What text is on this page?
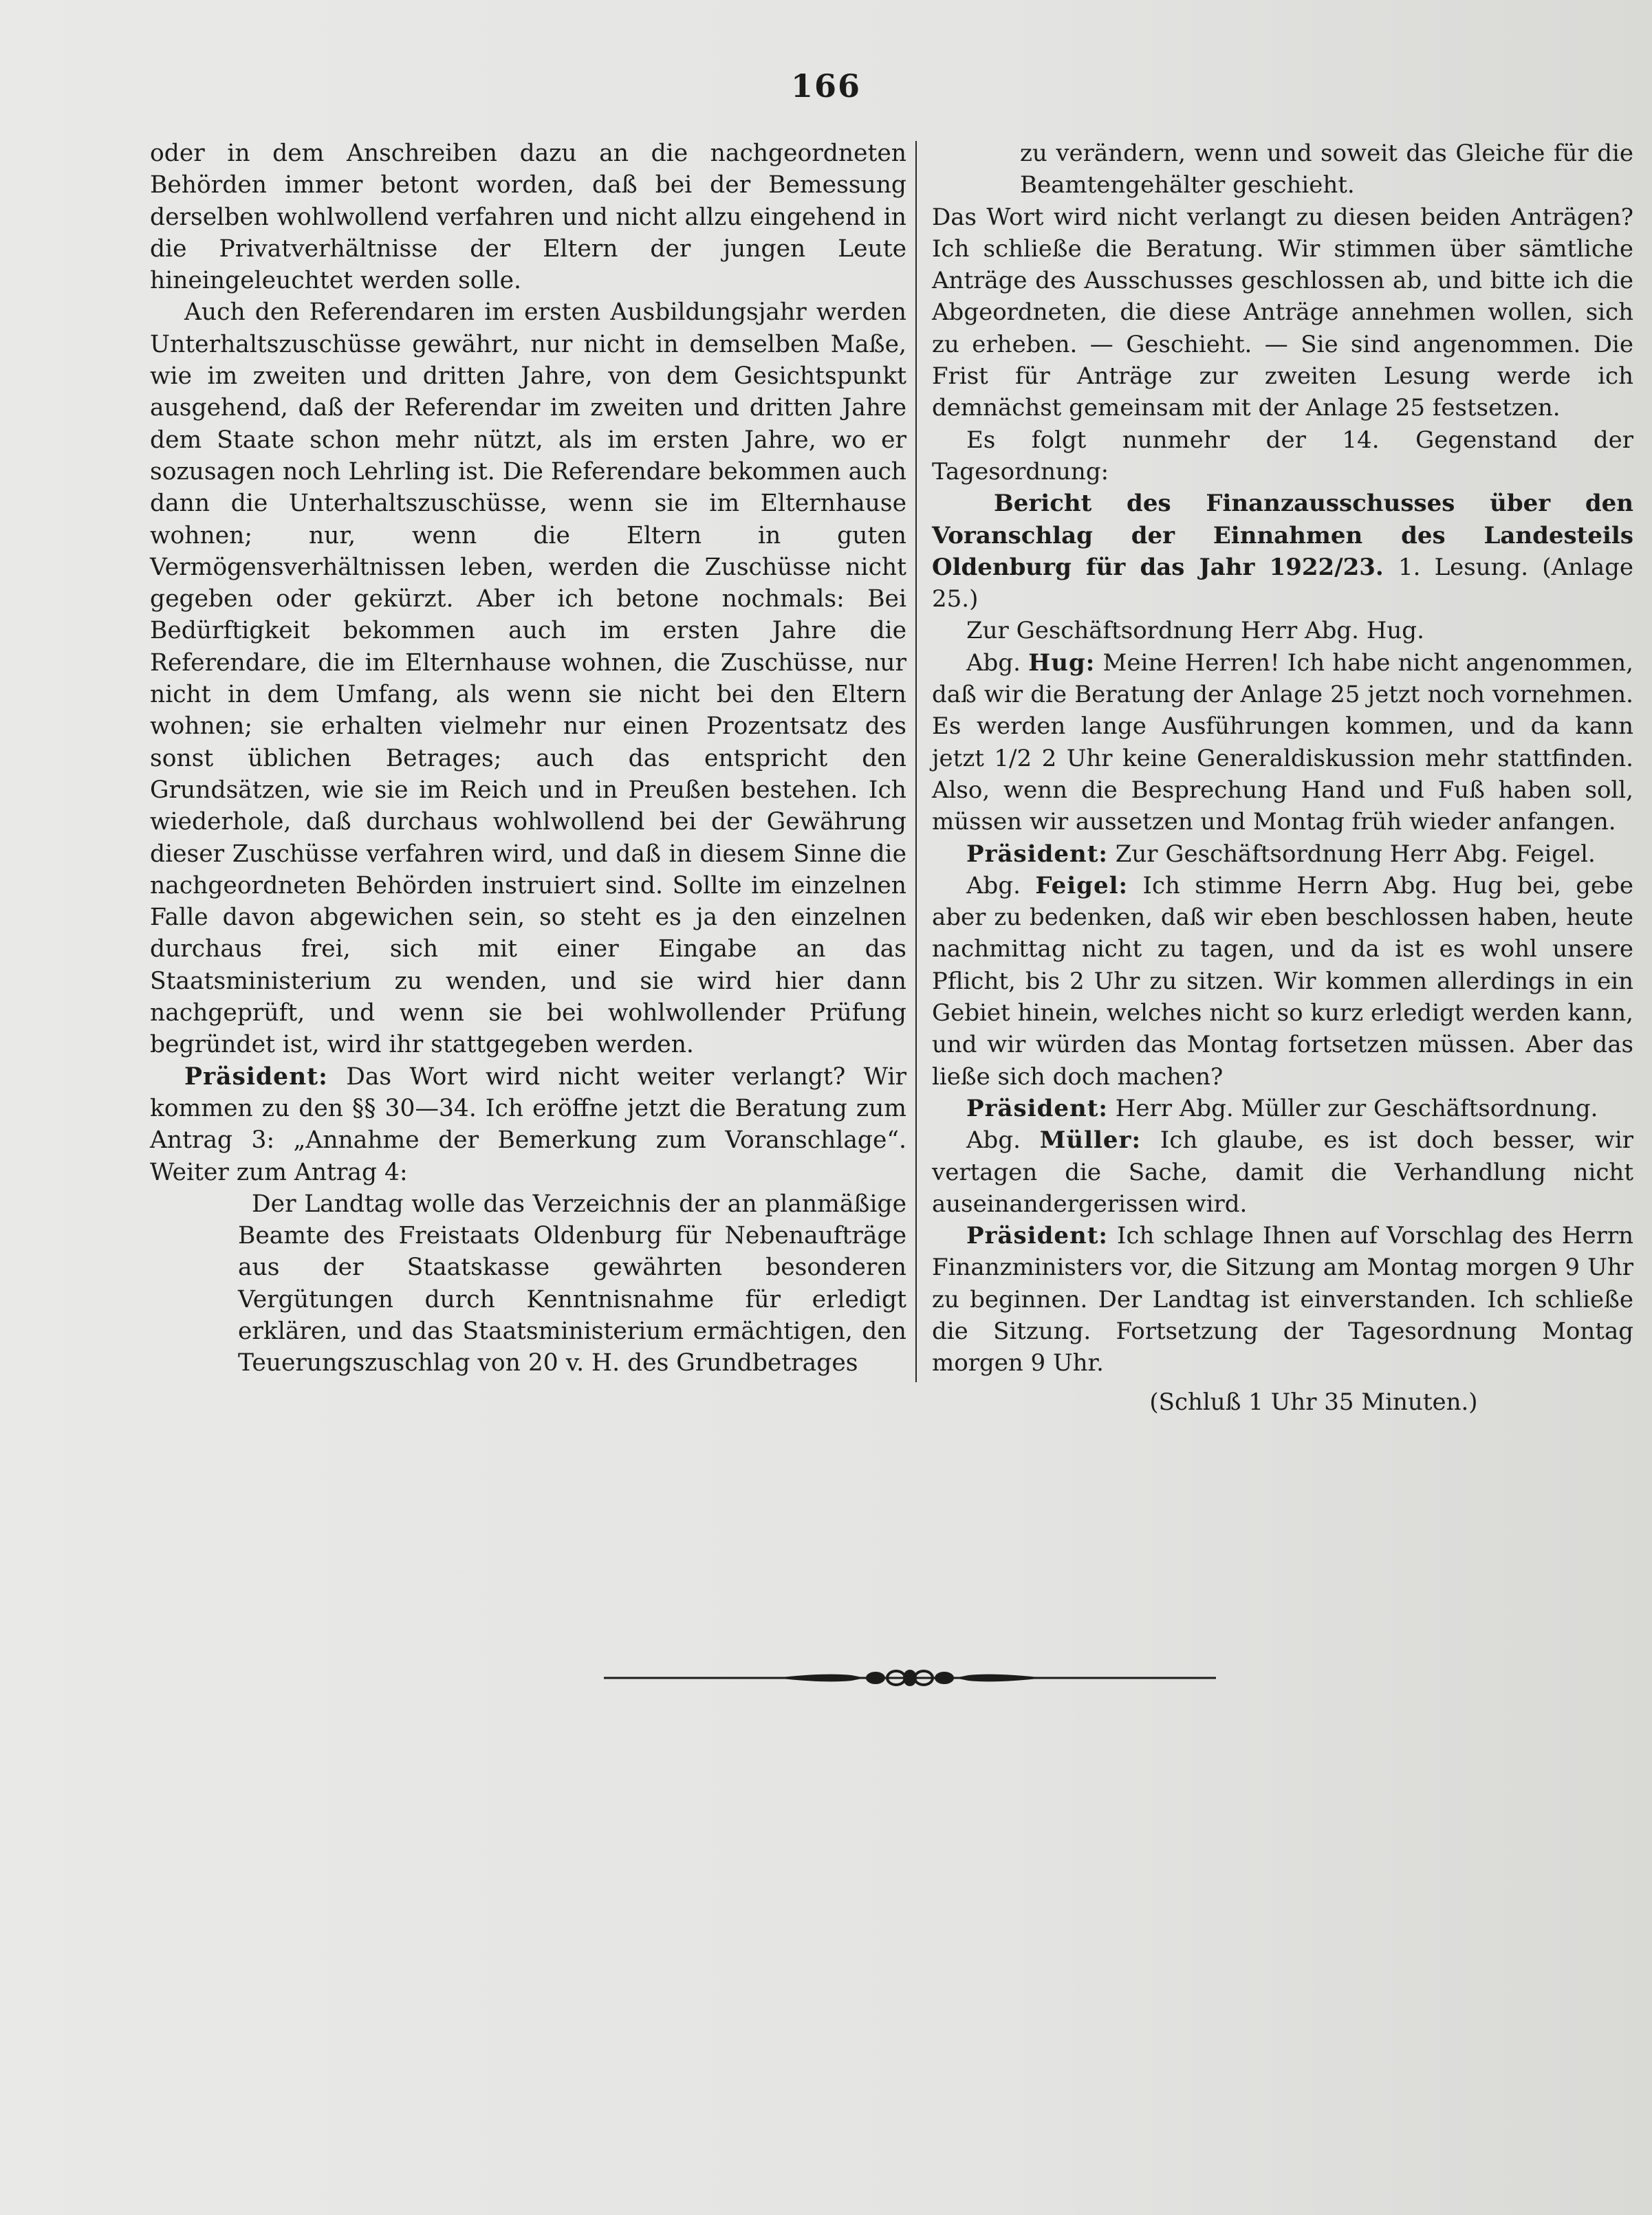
166

oder in dem Anschreiben dazu an die nachgeordneten Behörden immer betont worden, daß bei der Bemessung derselben wohlwollend verfahren und nicht allzu eingehend in die Privatverhältnisse der Eltern der jungen Leute hineingeleuchtet werden solle.

Auch den Referendaren im ersten Ausbildungsjahr werden Unterhaltszuschüsse gewährt, nur nicht in demselben Maße, wie im zweiten und dritten Jahre, von dem Gesichtspunkt ausgehend, daß der Referendar im zweiten und dritten Jahre dem Staate schon mehr nützt, als im ersten Jahre, wo er sozusagen noch Lehrling ist. Die Referendare bekommen auch dann die Unterhaltszuschüsse, wenn sie im Elternhause wohnen; nur, wenn die Eltern in guten Vermögensverhältnissen leben, werden die Zuschüsse nicht gegeben oder gekürzt. Aber ich betone nochmals: Bei Bedürftigkeit bekommen auch im ersten Jahre die Referendare, die im Elternhause wohnen, die Zuschüsse, nur nicht in dem Umfang, als wenn sie nicht bei den Eltern wohnen; sie erhalten vielmehr nur einen Prozentsatz des sonst üblichen Betrages; auch das entspricht den Grundsätzen, wie sie im Reich und in Preußen bestehen. Ich wiederhole, daß durchaus wohlwollend bei der Gewährung dieser Zuschüsse verfahren wird, und daß in diesem Sinne die nachgeordneten Behörden instruiert sind. Sollte im einzelnen Falle davon abgewichen sein, so steht es ja den einzelnen durchaus frei, sich mit einer Eingabe an das Staatsministerium zu wenden, und sie wird hier dann nachgeprüft, und wenn sie bei wohlwollender Prüfung begründet ist, wird ihr stattgegeben werden.

Präsident: Das Wort wird nicht weiter verlangt? Wir kommen zu den §§ 30—34. Ich eröffne jetzt die Beratung zum Antrag 3: „Annahme der Bemerkung zum Voranschlage“. Weiter zum Antrag 4:

Der Landtag wolle das Verzeichnis der an planmäßige Beamte des Freistaats Oldenburg für Nebenaufträge aus der Staatskasse gewährten besonderen Vergütungen durch Kenntnisnahme für erledigt erklären, und das Staatsministerium ermächtigen, den Teuerungszuschlag von 20 v. H. des Grundbetrages

zu verändern, wenn und soweit das Gleiche für die Beamtengehälter geschieht.

Das Wort wird nicht verlangt zu diesen beiden Anträgen? Ich schließe die Beratung. Wir stimmen über sämtliche Anträge des Ausschusses geschlossen ab, und bitte ich die Abgeordneten, die diese Anträge annehmen wollen, sich zu erheben. — Geschieht. — Sie sind angenommen. Die Frist für Anträge zur zweiten Lesung werde ich demnächst gemeinsam mit der Anlage 25 festsetzen.

Es folgt nunmehr der 14. Gegenstand der Tagesordnung:

Bericht des Finanzausschusses über den Voranschlag der Einnahmen des Landesteils Oldenburg für das Jahr 1922/23. 1. Lesung. (Anlage 25.)

Zur Geschäftsordnung Herr Abg. Hug.

Abg. Hug: Meine Herren! Ich habe nicht angenommen, daß wir die Beratung der Anlage 25 jetzt noch vornehmen. Es werden lange Ausführungen kommen, und da kann jetzt 1/2 2 Uhr keine Generaldiskussion mehr stattfinden. Also, wenn die Besprechung Hand und Fuß haben soll, müssen wir aussetzen und Montag früh wieder anfangen.

Präsident: Zur Geschäftsordnung Herr Abg. Feigel.

Abg. Feigel: Ich stimme Herrn Abg. Hug bei, gebe aber zu bedenken, daß wir eben beschlossen haben, heute nachmittag nicht zu tagen, und da ist es wohl unsere Pflicht, bis 2 Uhr zu sitzen. Wir kommen allerdings in ein Gebiet hinein, welches nicht so kurz erledigt werden kann, und wir würden das Montag fortsetzen müssen. Aber das ließe sich doch machen?

Präsident: Herr Abg. Müller zur Geschäftsordnung.

Abg. Müller: Ich glaube, es ist doch besser, wir vertagen die Sache, damit die Verhandlung nicht auseinandergerissen wird.

Präsident: Ich schlage Ihnen auf Vorschlag des Herrn Finanzministers vor, die Sitzung am Montag morgen 9 Uhr zu beginnen. Der Landtag ist einverstanden. Ich schließe die Sitzung. Fortsetzung der Tagesordnung Montag morgen 9 Uhr.

(Schluß 1 Uhr 35 Minuten.)
